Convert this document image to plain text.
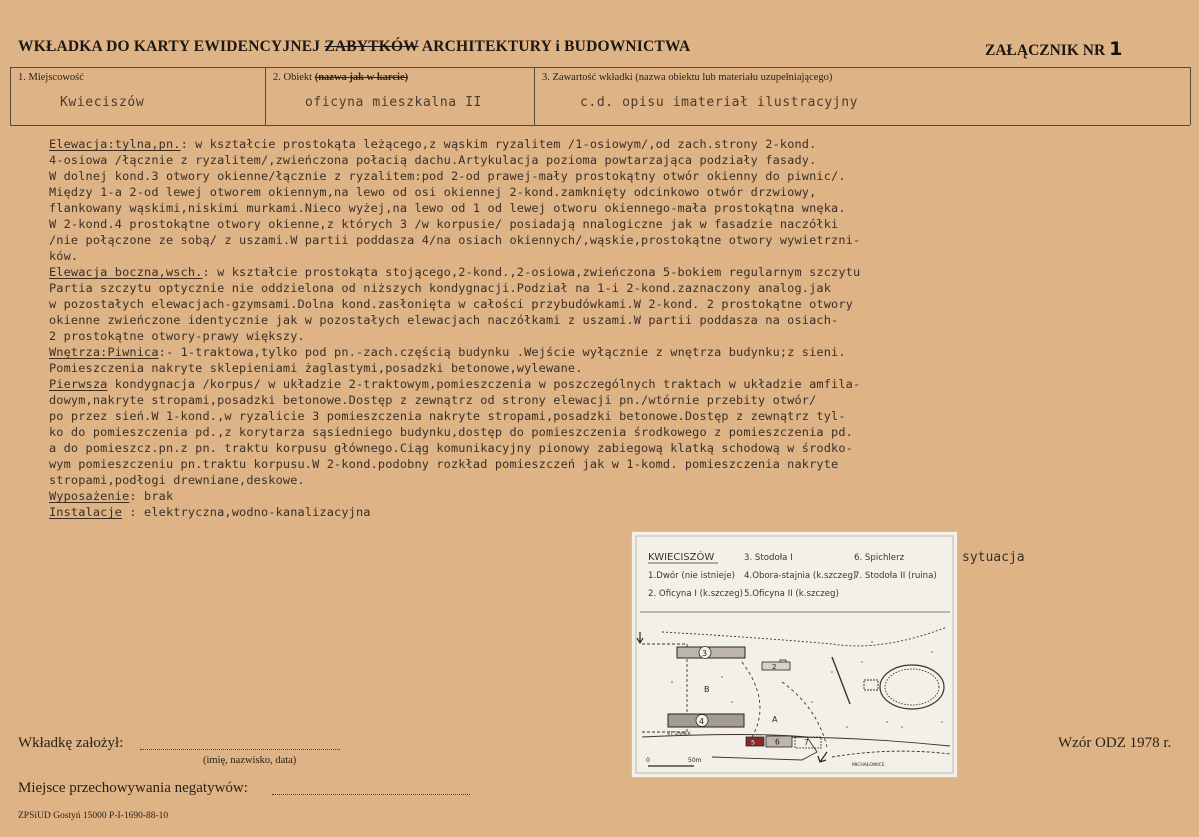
WKŁADKA DO KARTY EWIDENCYJNEJ ZABYTKÓW ARCHITEKTURY i BUDOWNICTWA	ZAŁĄCZNIK NR 1
1. Miejscowość
Kwieciszów
2. Obiekt (nazwa jak w karcie)
oficyna mieszkalna II
3. Zawartość wkładki (nazwa obiektu lub materiału uzupełniającego)
c.d. opisu imateriał ilustracyjny
Elewacja:tylna,pn.: w kształcie prostokąta leżącego,z wąskim ryzalitem /1-osiowym/,od zach.strony 2-kond.
4-osiowa /łącznie z ryzalitem/,zwieńczona połacią dachu.Artykulacja pozioma powtarzająca podziały fasady.
W dolnej kond.3 otwory okienne/łącznie z ryzalitem:pod 2-od prawej-mały prostokątny otwór okienny do piwnic/.
Między 1-a 2-od lewej otworem okiennym,na lewo od osi okiennej 2-kond.zamknięty odcinkowo otwór drzwiowy,
flankowany wąskimi,niskimi murkami.Nieco wyżej,na lewo od 1 od lewej otworu okiennego-mała prostokątna wnęka.
W 2-kond.4 prostokątne otwory okienne,z których 3 /w korpusie/ posiadają nnalogiczne jak w fasadzie naczółki
/nie połączone ze sobą/ z uszami.W partii poddasza 4/na osiach okiennych/,wąskie,prostokątne otwory wywietrzni-
ków.
Elewacja boczna,wsch.: w kształcie prostokąta stojącego,2-kond.,2-osiowa,zwieńczona 5-bokiem regularnym szczytu
Partia szczytu optycznie nie oddzielona od niższych kondygnacji.Podział na 1-i 2-kond.zaznaczony analog.jak
w pozostałych elewacjach-gzymsami.Dolna kond.zasłonięta w całości przybudówkami.W 2-kond. 2 prostokątne otwory
okienne zwieńczone identycznie jak w pozostałych elewacjach naczółkami z uszami.W partii poddasza na osiach-
2 prostokątne otwory-prawy większy.
Wnętrza:Piwnica:- 1-traktowa,tylko pod pn.-zach.częścią budynku .Wejście wyłącznie z wnętrza budynku;z sieni.
Pomieszczenia nakryte sklepieniami żaglastymi,posadzki betonowe,wylewane.
Pierwsza kondygnacja /korpus/ w układzie 2-traktowym,pomieszczenia w poszczególnych traktach w układzie amfila-
dowym,nakryte stropami,posadzki betonowe.Dostęp z zewnątrz od strony elewacji pn./wtórnie przebity otwór/
po przez sień.W 1-kond.,w ryzalicie 3 pomieszczenia nakryte stropami,posadzki betonowe.Dostęp z zewnątrz tyl-
ko do pomieszczenia pd.,z korytarza sąsiedniego budynku,dostęp do pomieszczenia środkowego z pomieszczenia pd.
a do pomieszcz.pn.z pn. traktu korpusu głównego.Ciąg komunikacyjny pionowy zabiegową klatką schodową w środko-
wym pomieszczeniu pn.traktu korpusu.W 2-kond.podobny rozkład pomieszczeń jak w 1-komd. pomieszczenia nakryte
stropami,podłogi drewniane,deskowe.
Wyposażenie: brak
Instalacje : elektryczna,wodno-kanalizacyjna
KWIECISZÓW	3. Stodoła I	6. Spichlerz
1.Dwór (nie istnieje) 4.Obora-stajnia (k.szczeg)
7. Stodoła II (ruina)
2. Oficyna I (k.szczeg) 5.Oficyna II (k.szczeg)
3
2
4
5	6	7
B
A
ST. ZAMEK
MICHAŁOWICE
0	50m
sytuacja
Wkładkę założył:
(imię, nazwisko, data)
Miejsce przechowywania negatywów:
Wzór ODZ 1978 r.
ZPSiUD Gostyń 15000 P-I-1690-88-10
